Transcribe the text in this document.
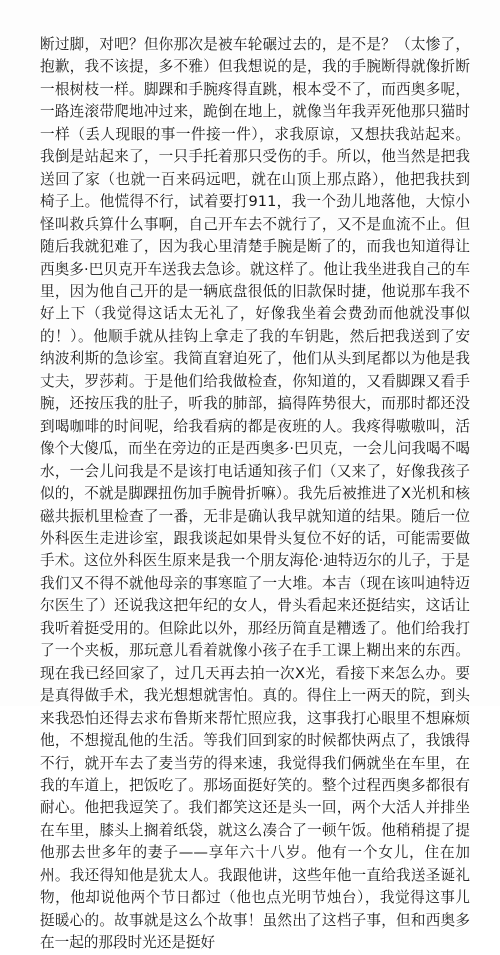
断过脚，对吧？但你那次是被车轮碾过去的，是不是？（太惨了，抱歉，我不该提，多不雅）但我想说的是，我的手腕断得就像折断一根树枝一样。脚踝和手腕疼得直跳，根本受不了，而西奥多呢，一路连滚带爬地冲过来，跪倒在地上，就像当年我弄死他那只猫时一样（丢人现眼的事一件接一件），求我原谅，又想扶我站起来。我倒是站起来了，一只手托着那只受伤的手。所以，他当然是把我送回了家（也就一百来码远吧，就在山顶上那点路），他把我扶到椅子上。他慌得不行，试着要打911，我一个劲儿地落他，大惊小怪叫救兵算什么事啊，自己开车去不就行了，又不是血流不止。但随后我就犯难了，因为我心里清楚手腕是断了的，而我也知道得让西奥多·巴贝克开车送我去急诊。就这样了。他让我坐进我自己的车里，因为他自己开的是一辆底盘很低的旧款保时捷，他说那车我不好上下（我觉得这话太无礼了，好像我坐着会费劲而他就没事似的！）。他顺手就从挂钩上拿走了我的车钥匙，然后把我送到了安纳波利斯的急诊室。我简直窘迫死了，他们从头到尾都以为他是我丈夫，罗莎莉。于是他们给我做检查，你知道的，又看脚踝又看手腕，还按压我的肚子，听我的肺部，搞得阵势很大，而那时都还没到喝咖啡的时间呢，给我看病的都是夜班的人。我疼得嗷嗷叫，活像个大傻瓜，而坐在旁边的正是西奥多·巴贝克，一会儿问我喝不喝水，一会儿问我是不是该打电话通知孩子们（又来了，好像我孩子似的，不就是脚踝扭伤加手腕骨折嘛）。我先后被推进了X光机和核磁共振机里检查了一番，无非是确认我早就知道的结果。随后一位外科医生走进诊室，跟我谈起如果骨头复位不好的话，可能需要做手术。这位外科医生原来是我一个朋友海伦·迪特迈尔的儿子，于是我们又不得不就他母亲的事寒暄了一大堆。本吉（现在该叫迪特迈尔医生了）还说我这把年纪的女人，骨头看起来还挺结实，这话让我听着挺受用的。但除此以外，那经历简直是糟透了。他们给我打了一个夹板，那玩意儿看着就像小孩子在手工课上糊出来的东西。现在我已经回家了，过几天再去拍一次X光，看接下来怎么办。要是真得做手术，我光想想就害怕。真的。得住上一两天的院，到头来我恐怕还得去求布鲁斯来帮忙照应我，这事我打心眼里不想麻烦他，不想搅乱他的生活。等我们回到家的时候都快两点了，我饿得不行，就开车去了麦当劳的得来速，我觉得我们俩就坐在车里，在我的车道上，把饭吃了。那场面挺好笑的。整个过程西奥多都很有耐心。他把我逗笑了。我们都笑这还是头一回，两个大活人并排坐在车里，膝头上搁着纸袋，就这么凑合了一顿午饭。他稍稍提了提他那去世多年的妻子——享年六十八岁。他有一个女儿，住在加州。我还得知他是犹太人。我跟他讲，这些年他一直给我送圣诞礼物，他却说他两个节日都过（他也点光明节烛台），我觉得这事儿挺暖心的。故事就是这么个故事！虽然出了这档子事，但和西奥多在一起的那段时光还是挺好
